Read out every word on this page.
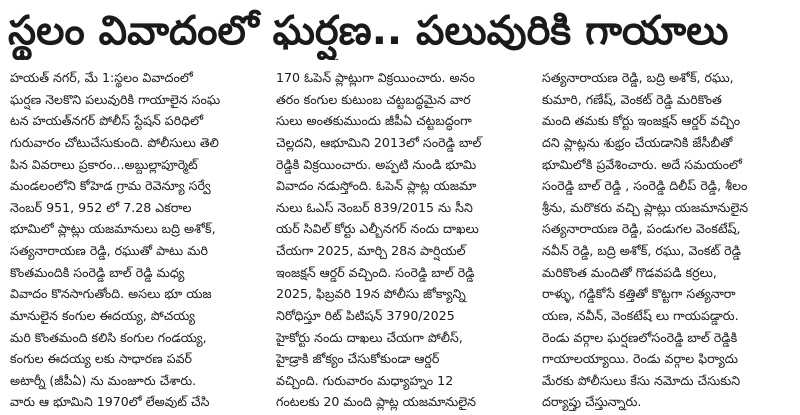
స్థలం వివాదంలో ఘర్షణ.. పలువురికి గాయాలు
హయత్ నగర్, మే 1:స్థలం వివాదంలో
ఘర్షణ నెలకొని పలువురికి గాయాలైన సంఘ
టన హయత్‌నగర్ పోలీస్ స్టేషన్ పరిధిలో
గురువారం చోటుచేసుకుంది. పోలీసులు తెలి
పిన వివరాలు ప్రకారం...అబ్దుల్లాపూర్మెట్
మండలంలోని కోహెడ గ్రామ రెవెన్యూ సర్వే
నెంబర్ 951, 952 లో 7.28 ఎకరాల
భూమిలో ప్లాట్లు యజమానులు బద్రి అశోక్,
సత్యనారాయణ రెడ్డి, రఘుతో పాటు మరి
కొంతమందికి సంరెడ్డి బాల్ రెడ్డి మధ్య
వివాదం కొనసాగుతోంది. అసలు భూ యజ
మానులైన కంగుల ఈదయ్య, పోచయ్య
మరి కొంతమంది కలిసి కంగుల గండయ్య,
కంగుల ఈదయ్య లకు సాధారణ పవర్
అటార్నీ (జీపీఏ) ను మంజూరు చేశారు.
వారు ఆ భూమిని 1970లో లేఅవుట్ చేసి
170 ఓపెన్ ప్లాట్లుగా విక్రయించారు. అనం
తరం కంగుల కుటుంబ చట్టబద్ధమైన వార
సులు అంతకుముందు జీపీఏ చట్టబద్ధంగా
చెల్లదని, ఆభూమిని 2013లో సంరెడ్డి బాల్
రెడ్డికి విక్రయించారు. అప్పటి నుండి భూమి
వివాదం నడుస్తోంది. ఓపెన్ ప్లాట్ల యజమా
నులు ఓఎస్ నెంబర్ 839/2015 ను సీని
యర్ సివిల్ కోర్టు ఎల్బీనగర్ నందు దాఖలు
చేయగా 2025, మార్చి 28న పార్షియల్
ఇంజక్షన్ ఆర్డర్ వచ్చింది. సంరెడ్డి బాల్ రెడ్డి
2025, ఫిబ్రవరి 19న పోలీసు జోక్యాన్ని
నిరోధిస్తూ రిట్ పిటిషన్ 3790/2025
హైకోర్టు నందు దాఖలు చేయగా పోలీస్,
హైడ్రాకి జోక్యం చేసుకోకుండా ఆర్డర్
వచ్చింది. గురువారం మధ్యాహ్నం 12
గంటలకు 20 మంది ప్లాట్ల యజమానులైన
సత్యనారాయణ రెడ్డి, బద్రి అశోక్, రఘు,
కుమారి, గణేష్, వెంకట్ రెడ్డి మరికొంత
మంది తమకు కోర్టు ఇంజక్షన్ ఆర్డర్ వచ్చిం
దని ప్లాట్లను శుభ్రం చేయడానికి జేసీబీతో
భూమిలోకి ప్రవేశించారు. అదే సమయంలో
సంరెడ్డి బాల్ రెడ్డి , సంరెడ్డి దిలీప్ రెడ్డి, శీలం
శ్రీను, మరొకరు వచ్చి ప్లాట్లు యజమానులైన
సత్యనారాయణ రెడ్డి, పండుగల వెంకటేష్,
నవీన్ రెడ్డి, బద్రి అశోక్, రఘు, వెంకట్ రెడ్డి
మరికొంత మందితో గొడవపడి కర్రలు,
రాళ్ళు, గడ్డికోసే కత్తితో కొట్టగా సత్యనారా
యణ, నవీన్, వెంకటేష్ లు గాయపడ్డారు.
రెండు వర్గాల ఘర్షణలోసంరెడ్డి బాల్ రెడ్డికి
గాయాలయ్యాయి. రెండు వర్గాల ఫిర్యాదు
మేరకు పోలీసులు కేసు నమోదు చేసుకుని
దర్యాప్తు చేస్తున్నారు.
